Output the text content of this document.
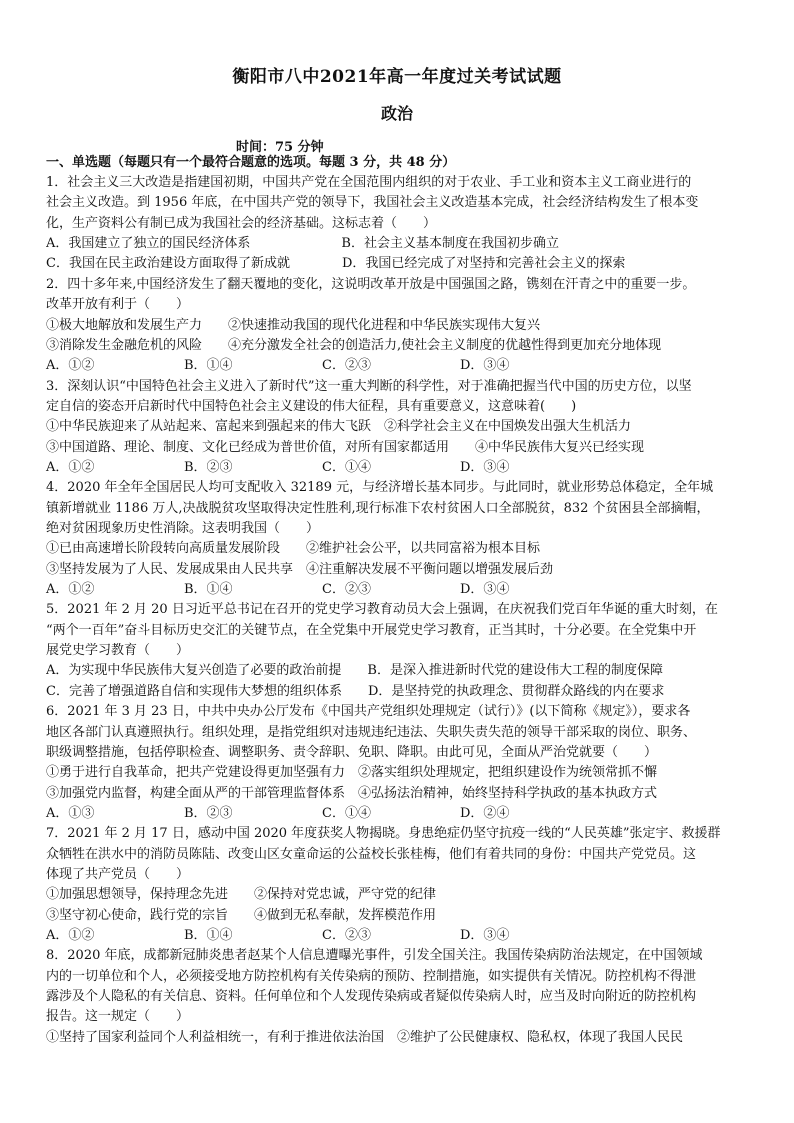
衡阳市八中2021年高一年度过关考试试题
政治
时间：75 分钟
一、单选题（每题只有一个最符合题意的选项。每题 3 分，共 48 分）
1．社会主义三大改造是指建国初期，中国共产党在全国范围内组织的对于农业、手工业和资本主义工商业进行的
社会主义改造。到 1956 年底，在中国共产党的领导下，我国社会主义改造基本完成，社会经济结构发生了根本变
化，生产资料公有制已成为我国社会的经济基础。这标志着（　　）
A．我国建立了独立的国民经济体系　　　　　　　B．社会主义基本制度在我国初步确立
C．我国在民主政治建设方面取得了新成就　　　　D．我国已经完成了对坚持和完善社会主义的探索
2．四十多年来,中国经济发生了翻天覆地的变化，这说明改革开放是中国强国之路，镌刻在汗青之中的重要一步。
改革开放有利于（　　）
①极大地解放和发展生产力　　②快速推动我国的现代化进程和中华民族实现伟大复兴
③消除发生金融危机的风险　　④充分激发全社会的创造活力,使社会主义制度的优越性得到更加充分地体现
A．①②	B．①④	C．②③	D．③④
3．深刻认识“中国特色社会主义进入了新时代”这一重大判断的科学性，对于准确把握当代中国的历史方位，以坚
定自信的姿态开启新时代中国特色社会主义建设的伟大征程，具有重要意义，这意味着(　　)
①中华民族迎来了从站起来、富起来到强起来的伟大飞跃　②科学社会主义在中国焕发出强大生机活力
③中国道路、理论、制度、文化已经成为普世价值，对所有国家都适用　　④中华民族伟大复兴已经实现
A．①②	B．②③	C．①④	D．③④
4．2020 年全年全国居民人均可支配收入 32189 元，与经济增长基本同步。与此同时，就业形势总体稳定，全年城
镇新增就业 1186 万人,决战脱贫攻坚取得决定性胜利,现行标准下农村贫困人口全部脱贫，832 个贫困县全部摘帽，
绝对贫困现象历史性消除。这表明我国（　　）
①已由高速增长阶段转向高质量发展阶段　　②维护社会公平，以共同富裕为根本目标
③坚持发展为了人民、发展成果由人民共享　④注重解决发展不平衡问题以增强发展后劲
A．①②	B．①④	C．②③	D．③④
5．2021 年 2 月 20 日习近平总书记在召开的党史学习教育动员大会上强调，在庆祝我们党百年华诞的重大时刻，在
“两个一百年”奋斗目标历史交汇的关键节点，在全党集中开展党史学习教育，正当其时，十分必要。在全党集中开
展党史学习教育（　　）
A．为实现中华民族伟大复兴创造了必要的政治前提　　B．是深入推进新时代党的建设伟大工程的制度保障
C．完善了增强道路自信和实现伟大梦想的组织体系　　D．是坚持党的执政理念、贯彻群众路线的内在要求
6．2021 年 3 月 23 日，中共中央办公厅发布《中国共产党组织处理规定（试行）》(以下简称《规定》），要求各
地区各部门认真遵照执行。组织处理，是指党组织对违规违纪违法、失职失责失范的领导干部采取的岗位、职务、
职级调整措施，包括停职检查、调整职务、责令辞职、免职、降职。由此可见，全面从严治党就要（　　）
①勇于进行自我革命，把共产党建设得更加坚强有力　②落实组织处理规定，把组织建设作为统领常抓不懈
③加强党内监督，构建全面从严的干部管理监督体系　④弘扬法治精神，始终坚持科学执政的基本执政方式
A．①③	B．②③	C．①④	D．②④
7．2021 年 2 月 17 日，感动中国 2020 年度获奖人物揭晓。身患绝症仍坚守抗疫一线的“人民英雄”张定宇、救援群
众牺牲在洪水中的消防员陈陆、改变山区女童命运的公益校长张桂梅，他们有着共同的身份：中国共产党党员。这
体现了共产党员（　　）
①加强思想领导，保持理念先进　　②保持对党忠诚，严守党的纪律
③坚守初心使命，践行党的宗旨　　④做到无私奉献，发挥模范作用
A．①②	B．①④	C．②③	D．③④
8．2020 年底，成都新冠肺炎患者赵某个人信息遭曝光事件，引发全国关注。我国传染病防治法规定，在中国领域
内的一切单位和个人，必须接受地方防控机构有关传染病的预防、控制措施，如实提供有关情况。防控机构不得泄
露涉及个人隐私的有关信息、资料。任何单位和个人发现传染病或者疑似传染病人时，应当及时向附近的防控机构
报告。这一规定（　　）
①坚持了国家利益同个人利益相统一，有利于推进依法治国　②维护了公民健康权、隐私权，体现了我国人民民
